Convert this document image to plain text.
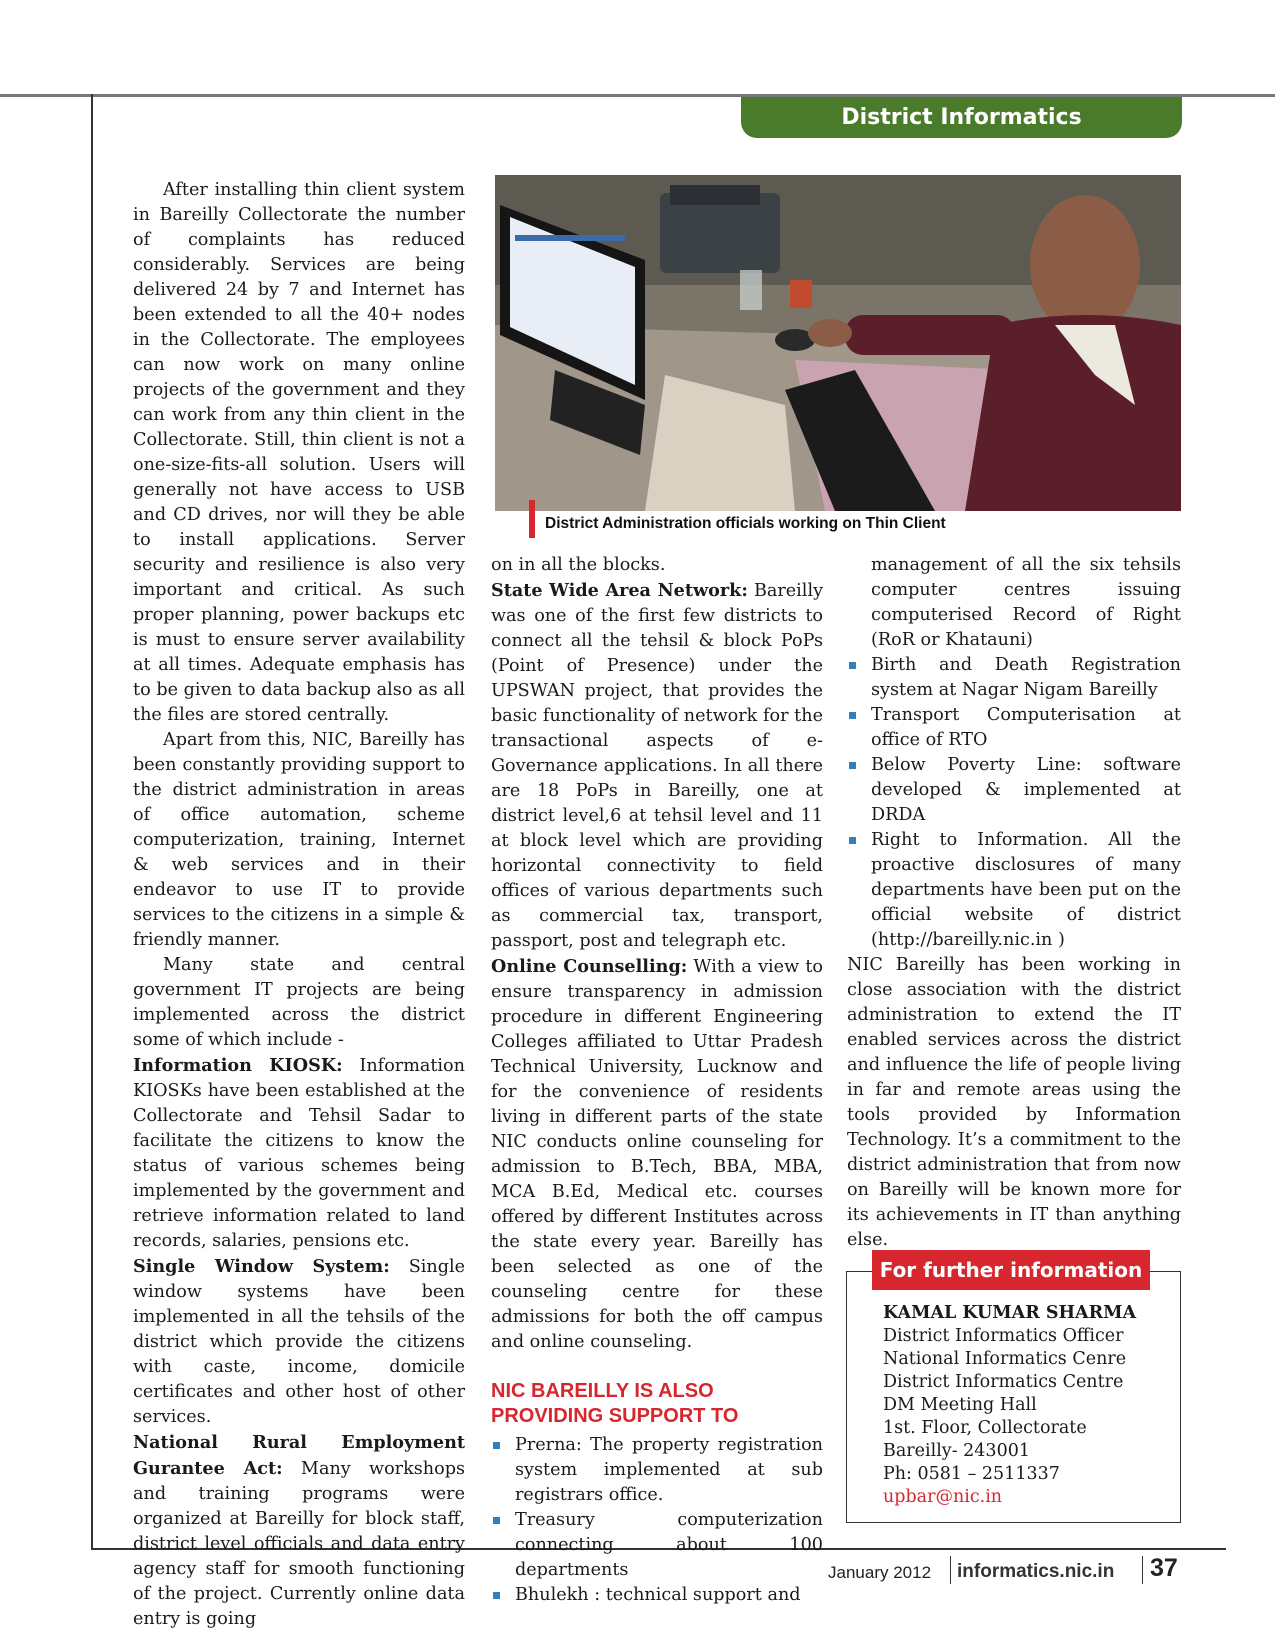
District Informatics

After installing thin client system in Bareilly Collectorate the number of complaints has reduced considerably. Services are being delivered 24 by 7 and Internet has been extended to all the 40+ nodes in the Collectorate. The employees can now work on many online projects of the government and they can work from any thin client in the Collectorate. Still, thin client is not a one-size-fits-all solution. Users will generally not have access to USB and CD drives, nor will they be able to install applications. Server security and resilience is also very important and critical. As such proper planning, power backups etc is must to ensure server availability at all times. Adequate emphasis has to be given to data backup also as all the files are stored centrally.

Apart from this, NIC, Bareilly has been constantly providing support to the district administration in areas of office automation, scheme computerization, training, Internet & web services and in their endeavor to use IT to provide services to the citizens in a simple & friendly manner.

Many state and central government IT projects are being implemented across the district some of which include -

Information KIOSK: Information KIOSKs have been established at the Collectorate and Tehsil Sadar to facilitate the citizens to know the status of various schemes being implemented by the government and retrieve information related to land records, salaries, pensions etc.

Single Window System: Single window systems have been implemented in all the tehsils of the district which provide the citizens with caste, income, domicile certificates and other host of other services.

National Rural Employment Gurantee Act: Many workshops and training programs were organized at Bareilly for block staff, district level officials and data entry agency staff for smooth functioning of the project. Currently online data entry is going

District Administration officials working on Thin Client

on in all the blocks.

State Wide Area Network: Bareilly was one of the first few districts to connect all the tehsil & block PoPs (Point of Presence) under the UPSWAN project, that provides the basic functionality of network for the transactional aspects of e-Governance applications. In all there are 18 PoPs in Bareilly, one at district level,6 at tehsil level and 11 at block level which are providing horizontal connectivity to field offices of various departments such as commercial tax, transport, passport, post and telegraph etc.

Online Counselling: With a view to ensure transparency in admission procedure in different Engineering Colleges affiliated to Uttar Pradesh Technical University, Lucknow and for the convenience of residents living in different parts of the state NIC conducts online counseling for admission to B.Tech, BBA, MBA, MCA B.Ed, Medical etc. courses offered by different Institutes across the state every year. Bareilly has been selected as one of the counseling centre for these admissions for both the off campus and online counseling.

NIC BAREILLY IS ALSO PROVIDING SUPPORT TO
Prerna: The property registration system implemented at sub registrars office.
Treasury computerization connecting about 100 departments
Bhulekh : technical support and

management of all the six tehsils computer centres issuing computerised Record of Right (RoR or Khatauni)

Birth and Death Registration system at Nagar Nigam Bareilly
Transport Computerisation at office of RTO
Below Poverty Line: software developed & implemented at DRDA
Right to Information. All the proactive disclosures of many departments have been put on the official website of district (http://bareilly.nic.in )

NIC Bareilly has been working in close association with the district administration to extend the IT enabled services across the district and influence the life of people living in far and remote areas using the tools provided by Information Technology. It’s a commitment to the district administration that from now on Bareilly will be known more for its achievements in IT than anything else.

For further information
KAMAL KUMAR SHARMA
District Informatics Officer
National Informatics Cenre
District Informatics Centre
DM Meeting Hall
1st. Floor, Collectorate
Bareilly- 243001
Ph: 0581 – 2511337
upbar@nic.in
January 2012 informatics.nic.in 37
